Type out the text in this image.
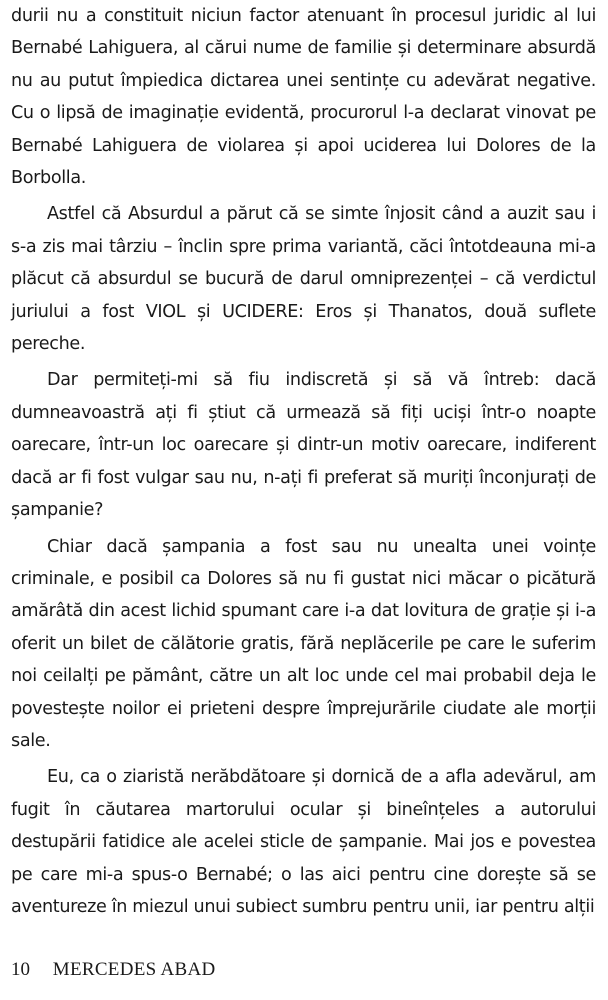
durii nu a constituit niciun factor atenuant în procesul juridic al lui Bernabé Lahiguera, al cărui nume de familie și determinare absurdă nu au putut împiedica dictarea unei sentințe cu adevărat negative. Cu o lipsă de imaginație evidentă, procurorul l-a declarat vinovat pe Bernabé Lahiguera de violarea și apoi uciderea lui Dolores de la Borbolla.

Astfel că Absurdul a părut că se simte înjosit când a auzit sau i s-a zis mai târziu – înclin spre prima variantă, căci întotdeauna mi-a plăcut că absurdul se bucură de darul omniprezenței – că verdictul juriului a fost VIOL și UCIDERE: Eros și Thanatos, două suflete pereche.

Dar permiteți-mi să fiu indiscretă și să vă întreb: dacă dumneavoastră ați fi știut că urmează să fiți uciși într-o noapte oarecare, într-un loc oarecare și dintr-un motiv oarecare, indiferent dacă ar fi fost vulgar sau nu, n-ați fi preferat să muriți înconjurați de șampanie?

Chiar dacă șampania a fost sau nu unealta unei voințe criminale, e posibil ca Dolores să nu fi gustat nici măcar o picătură amărâtă din acest lichid spumant care i-a dat lovitura de grație și i-a oferit un bilet de călătorie gratis, fără neplăcerile pe care le suferim noi ceilalți pe pământ, către un alt loc unde cel mai probabil deja le povestește noilor ei prieteni despre împrejurările ciudate ale morții sale.

Eu, ca o ziaristă nerăbdătoare și dornică de a afla adevărul, am fugit în căutarea martorului ocular și bineînțeles a autorului destupării fatidice ale acelei sticle de șampanie. Mai jos e povestea pe care mi-a spus-o Bernabé; o las aici pentru cine dorește să se aventureze în miezul unui subiect sumbru pentru unii, iar pentru alții

10 MERCEDES ABAD
